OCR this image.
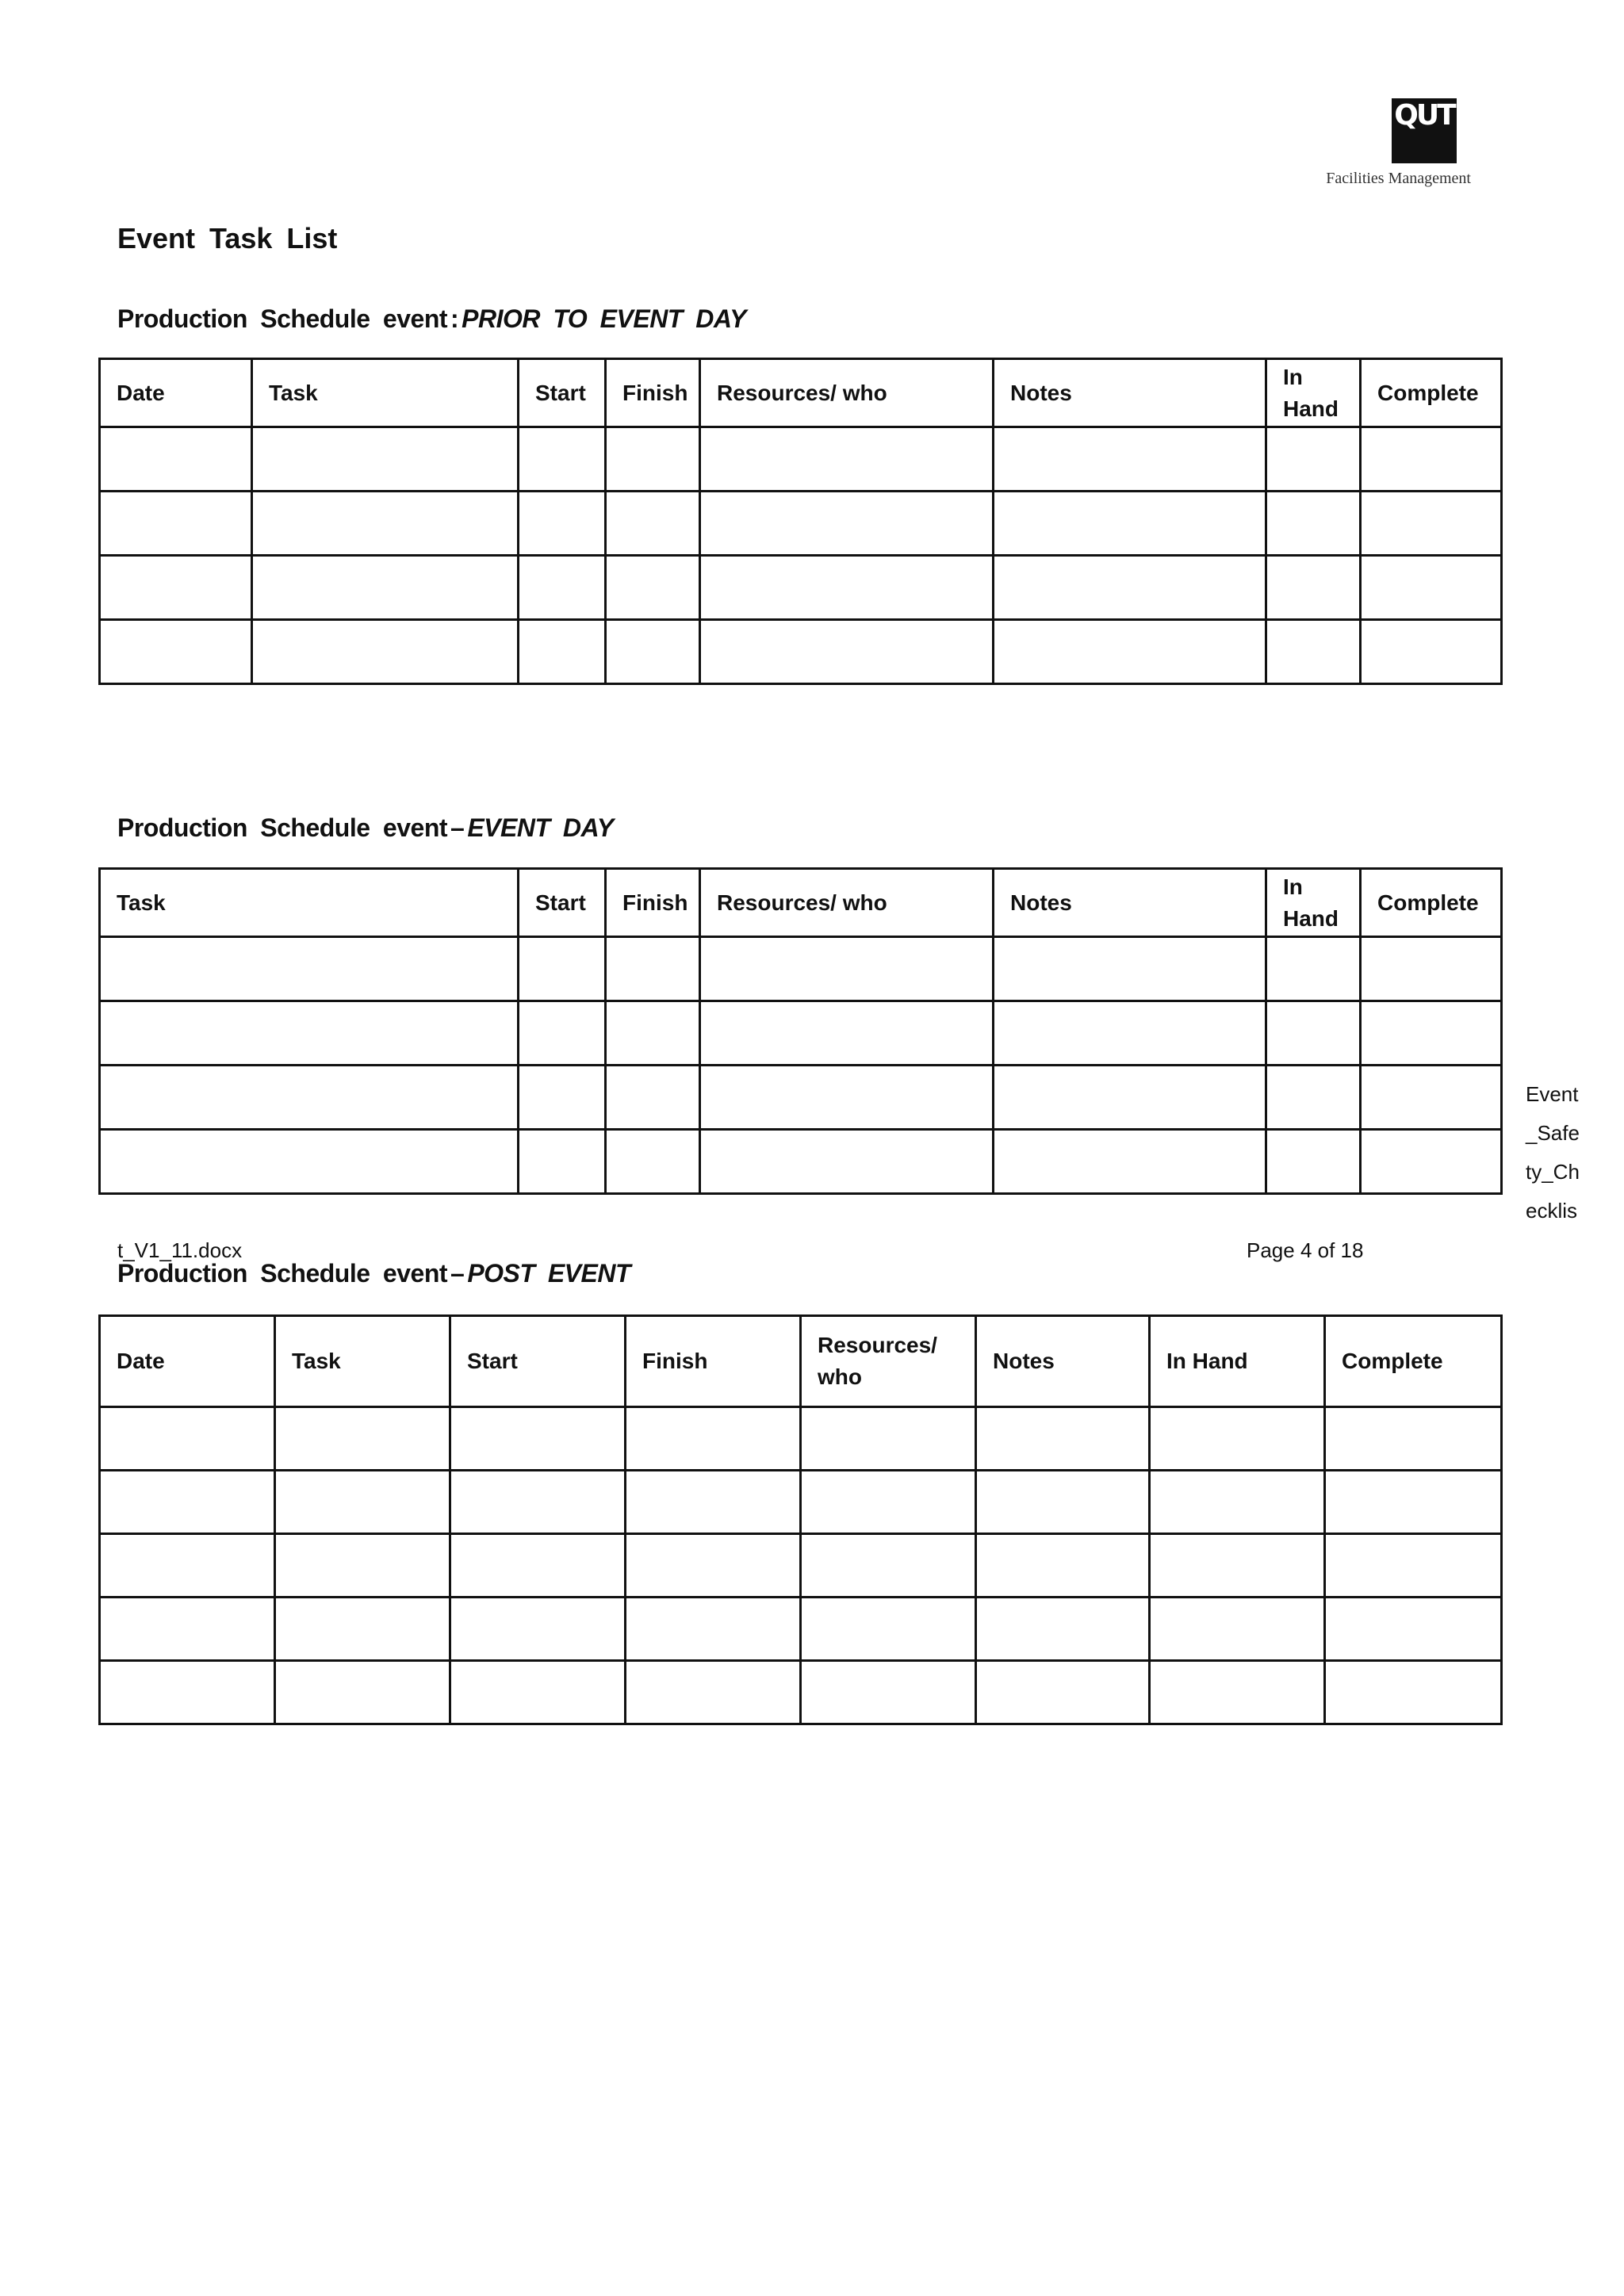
QUT
Facilities Management
Event Task List
Production Schedule event : PRIOR TO EVENT DAY
Date	Task	Start	Finish	Resources/ who	Notes	In Hand	Complete

Production Schedule event – EVENT DAY
Task	Start	Finish	Resources/ who	Notes	In Hand	Complete

Event
_Safe
ty_Ch
ecklis
t_V1_11.docx	Page 4 of 18
Production Schedule event – POST EVENT
Date	Task	Start	Finish	Resources/ who	Notes	In Hand	Complete
